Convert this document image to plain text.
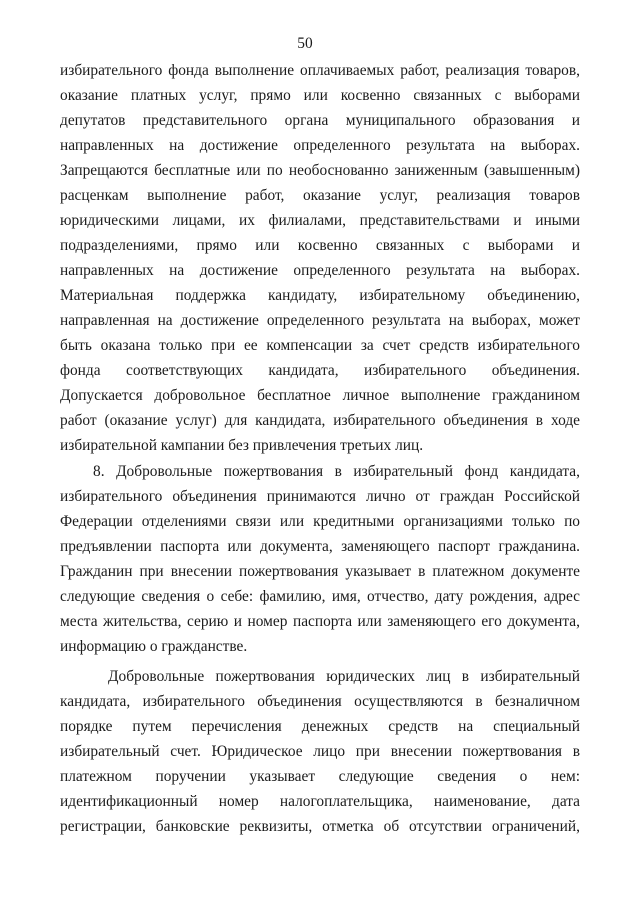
50
избирательного фонда выполнение оплачиваемых работ, реализация товаров,
оказание платных услуг, прямо или косвенно связанных с выборами
депутатов представительного органа муниципального образования и
направленных на достижение определенного результата на выборах.
Запрещаются бесплатные или по необоснованно заниженным (завышенным)
расценкам выполнение работ, оказание услуг, реализация товаров
юридическими лицами, их филиалами, представительствами и иными
подразделениями, прямо или косвенно связанных с выборами и
направленных на достижение определенного результата на выборах.
Материальная поддержка кандидату, избирательному объединению,
направленная на достижение определенного результата на выборах, может
быть оказана только при ее компенсации за счет средств избирательного
фонда соответствующих кандидата, избирательного объединения.
Допускается добровольное бесплатное личное выполнение гражданином
работ (оказание услуг) для кандидата, избирательного объединения в ходе
избирательной кампании без привлечения третьих лиц.
8. Добровольные пожертвования в избирательный фонд кандидата,
избирательного объединения принимаются лично от граждан Российской
Федерации отделениями связи или кредитными организациями только по
предъявлении паспорта или документа, заменяющего паспорт гражданина.
Гражданин при внесении пожертвования указывает в платежном документе
следующие сведения о себе: фамилию, имя, отчество, дату рождения, адрес
места жительства, серию и номер паспорта или заменяющего его документа,
информацию о гражданстве.
Добровольные пожертвования юридических лиц в избирательный
кандидата, избирательного объединения осуществляются в безналичном
порядке путем перечисления денежных средств на специальный
избирательный счет. Юридическое лицо при внесении пожертвования в
платежном поручении указывает следующие сведения о нем:
идентификационный номер налогоплательщика, наименование, дата
регистрации, банковские реквизиты, отметка об отсутствии ограничений,
